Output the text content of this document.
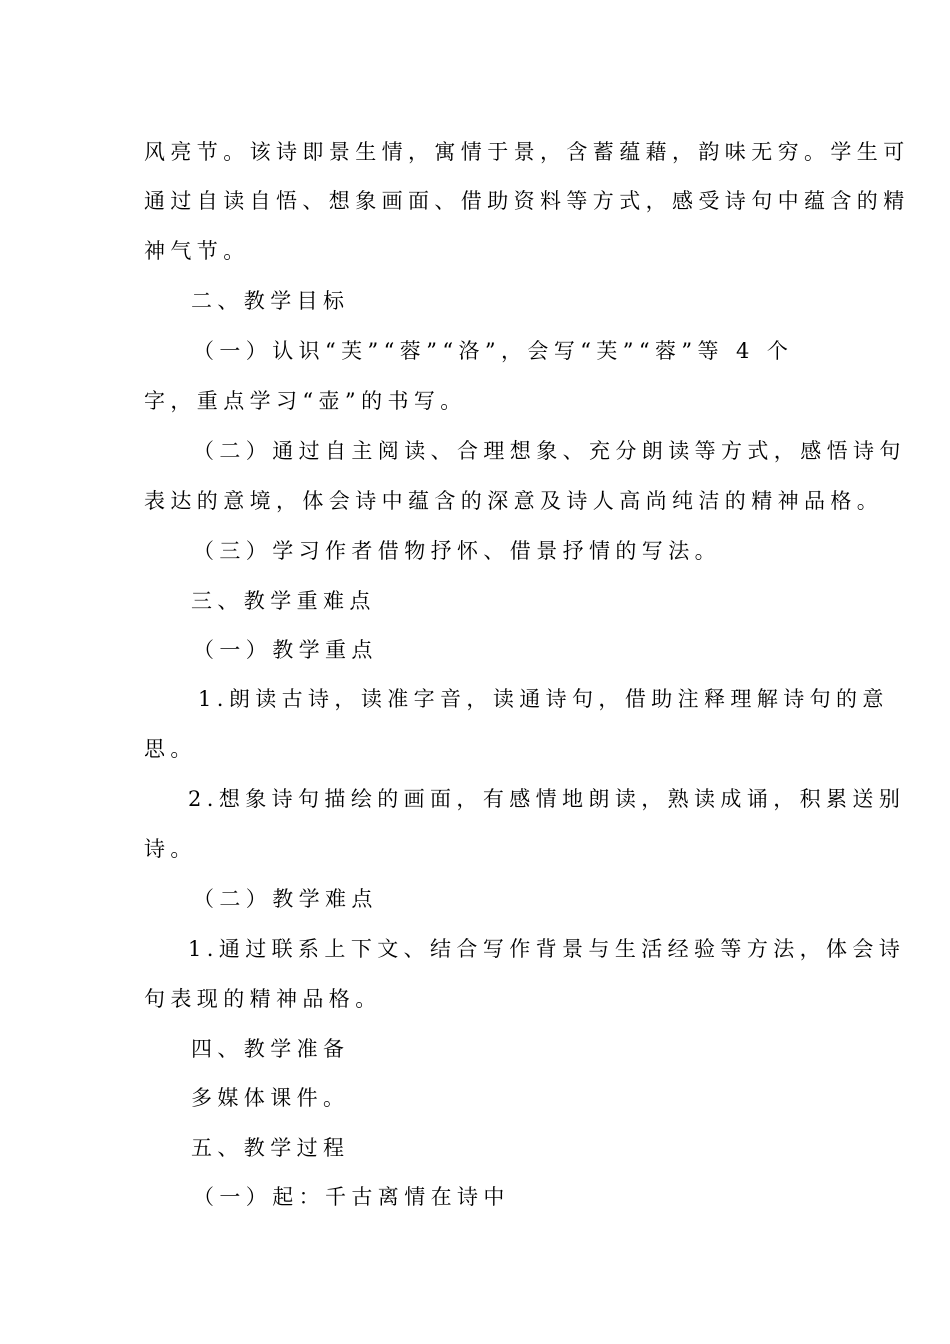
风亮节。该诗即景生情，寓情于景，含蓄蕴藉，韵味无穷。学生可
通过自读自悟、想象画面、借助资料等方式，感受诗句中蕴含的精
神气节。
二、教学目标
（一）认识“芙”“蓉”“洛”，会写“芙”“蓉”等 4 个
字，重点学习“壶”的书写。
（二）通过自主阅读、合理想象、充分朗读等方式，感悟诗句
表达的意境，体会诗中蕴含的深意及诗人高尚纯洁的精神品格。
（三）学习作者借物抒怀、借景抒情的写法。
三、教学重难点
（一）教学重点
1.朗读古诗，读准字音，读通诗句，借助注释理解诗句的意
思。
2.想象诗句描绘的画面，有感情地朗读，熟读成诵，积累送别
诗。
（二）教学难点
1.通过联系上下文、结合写作背景与生活经验等方法，体会诗
句表现的精神品格。
四、教学准备
多媒体课件。
五、教学过程
（一）起：千古离情在诗中
